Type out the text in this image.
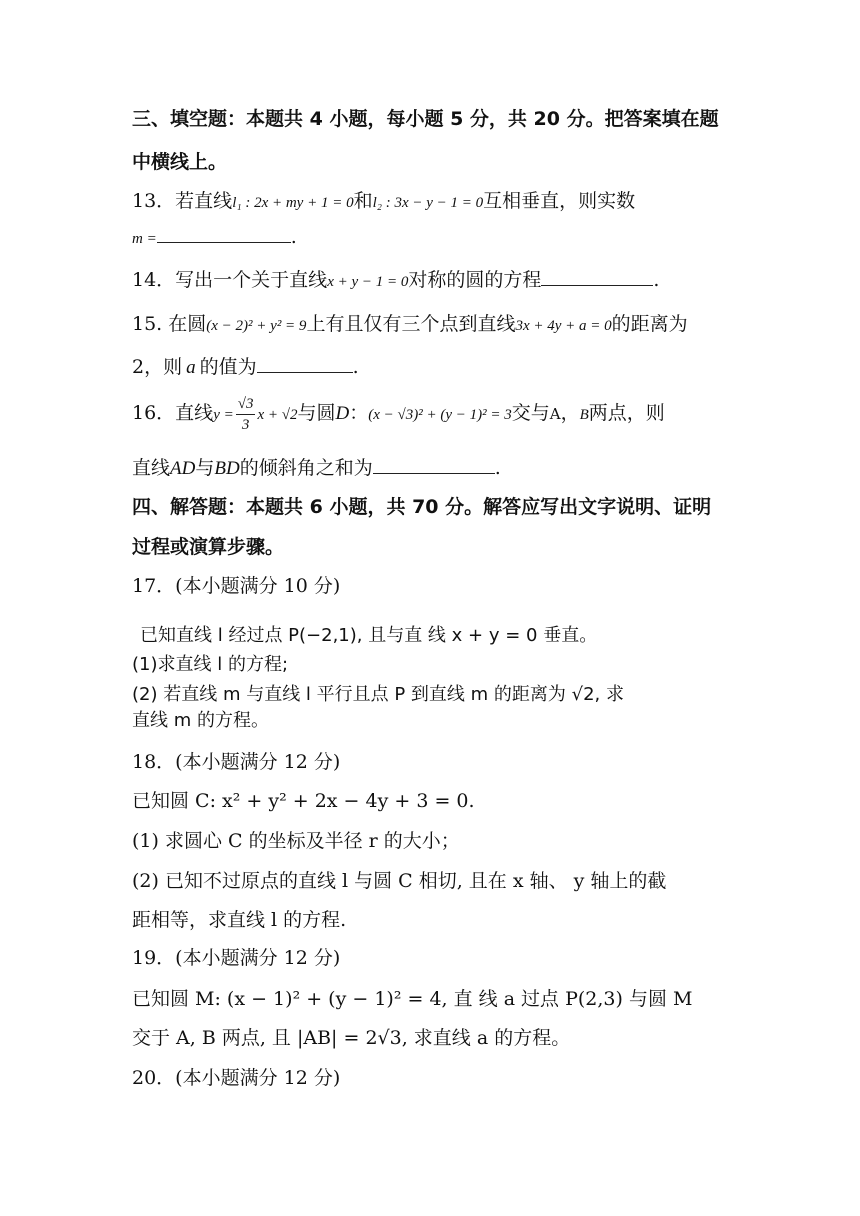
三、填空题：本题共 4 小题，每小题 5 分，共 20 分。把答案填在题
中横线上。
13．若直线l₁ : 2x + my + 1 = 0和l₂ : 3x − y − 1 = 0互相垂直，则实数
m =	.
14．写出一个关于直线x + y − 1 = 0对称的圆的方程	.
15. 在圆(x − 2)² + y² = 9上有且仅有三个点到直线3x + 4y + a = 0的距离为
2，则 a 的值为	.
16．直线$y = \frac{√3}{3}$ x + √2与圆D：(x − √3)² + (y − 1)² = 3交与A，B两点，则
直线AD与BD的倾斜角之和为	.
四、解答题：本题共 6 小题，共 70 分。解答应写出文字说明、证明
过程或演算步骤。
17．(本小题满分 10 分)
已知直线 l 经过点 P(−2,1), 且与直 线 x + y = 0 垂直。
(1)求直线 l 的方程;
(2) 若直线 m 与直线 l 平行且点 P 到直线 m 的距离为 √2, 求
直线 m 的方程。
18．(本小题满分 12 分)
已知圆 C: x² + y² + 2x − 4y + 3 = 0.
(1) 求圆心 C 的坐标及半径 r 的大小；
(2) 已知不过原点的直线 l 与圆 C 相切, 且在 x 轴、 y 轴上的截
距相等，求直线 l 的方程.
19．(本小题满分 12 分)
已知圆 M: (x − 1)² + (y − 1)² = 4, 直 线 a 过点 P(2,3) 与圆 M
交于 A, B 两点, 且 |AB| = 2√3, 求直线 a 的方程。
20．(本小题满分 12 分)
